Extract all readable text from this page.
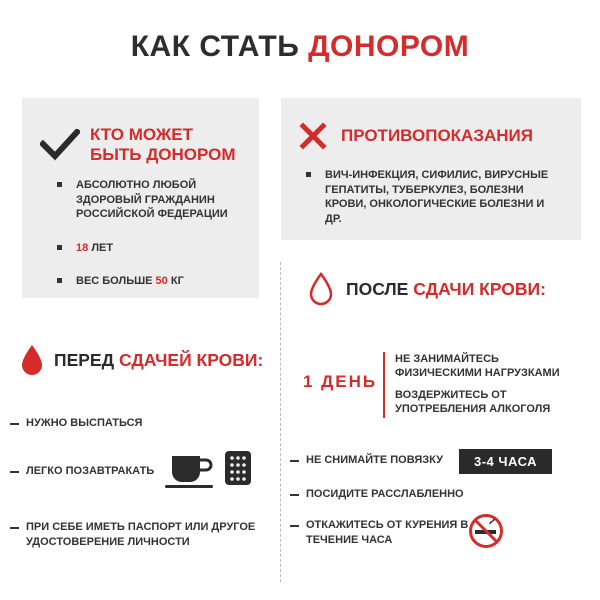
КАК СТАТЬ ДОНОРОМ
КТО МОЖЕТ
БЫТЬ ДОНОРОМ
АБСОЛЮТНО ЛЮБОЙ ЗДОРОВЫЙ ГРАЖДАНИН РОССИЙСКОЙ ФЕДЕРАЦИИ
18 ЛЕТ
ВЕС БОЛЬШЕ 50 КГ
ПРОТИВОПОКАЗАНИЯ
ВИЧ-ИНФЕКЦИЯ, СИФИЛИС, ВИРУСНЫЕ ГЕПАТИТЫ, ТУБЕРКУЛЕЗ, БОЛЕЗНИ КРОВИ, ОНКОЛОГИЧЕСКИЕ БОЛЕЗНИ И ДР.
ПОСЛЕ СДАЧИ КРОВИ:
ПЕРЕД СДАЧЕЙ КРОВИ:
1 ДЕНЬ
НЕ ЗАНИМАЙТЕСЬ ФИЗИЧЕСКИМИ НАГРУЗКАМИ
ВОЗДЕРЖИТЕСЬ ОТ УПОТРЕБЛЕНИЯ АЛКОГОЛЯ
НУЖНО ВЫСПАТЬСЯ
ЛЕГКО ПОЗАВТРАКАТЬ
ПРИ СЕБЕ ИМЕТЬ ПАСПОРТ ИЛИ ДРУГОЕ УДОСТОВЕРЕНИЕ ЛИЧНОСТИ
НЕ СНИМАЙТЕ ПОВЯЗКУ	3-4 ЧАСА
ПОСИДИТЕ РАССЛАБЛЕННО
ОТКАЖИТЕСЬ ОТ КУРЕНИЯ В ТЕЧЕНИЕ ЧАСА
